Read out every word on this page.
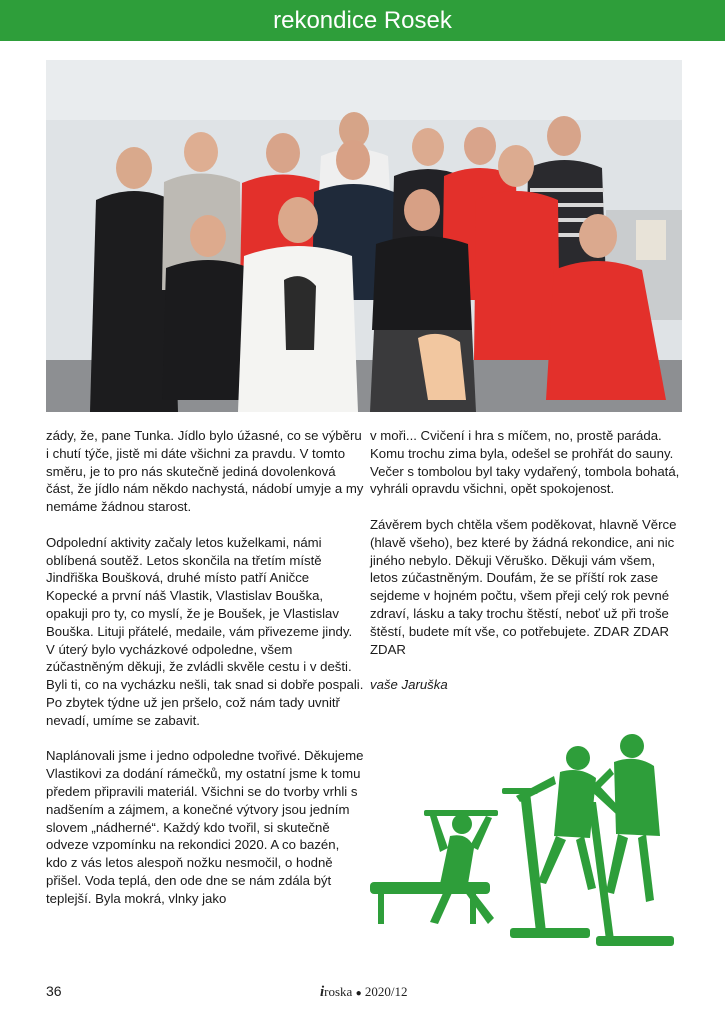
rekondice Rosek

zády, že, pane Tunka. Jídlo bylo úžasné, co se výběru i chutí týče, jistě mi dáte všichni za pravdu. V tomto směru, je to pro nás skutečně jediná dovolenková část, že jídlo nám někdo nachystá, nádobí umyje a my nemáme žádnou starost.

Odpolední aktivity začaly letos kuželkami, námi oblíbená soutěž. Letos skončila na třetím místě Jindřiška Boušková, druhé místo patří Aničce Kopecké a první náš Vlastik, Vlastislav Bouška, opakuji pro ty, co myslí, že je Boušek, je Vlastislav Bouška. Lituji přátelé, medaile, vám přivezeme jindy. V úterý bylo vycházkové odpoledne, všem zúčastněným děkuji, že zvládli skvěle cestu i v dešti. Byli ti, co na vycházku nešli, tak snad si dobře pospali. Po zbytek týdne už jen pršelo, což nám tady uvnitř nevadí, umíme se zabavit.

Naplánovali jsme i jedno odpoledne tvořivé. Děkujeme Vlastikovi za dodání rámečků, my ostatní jsme k tomu předem připravili materiál. Všichni se do tvorby vrhli s nadšením a zájmem, a konečné výtvory jsou jedním slovem „nádherné“. Každý kdo tvořil, si skutečně odveze vzpomínku na rekondici 2020. A co bazén, kdo z vás letos alespoň nožku nesmočil, o hodně přišel. Voda teplá, den ode dne se nám zdála být teplejší. Byla mokrá, vlnky jako

v moři... Cvičení i hra s míčem, no, prostě paráda. Komu trochu zima byla, odešel se prohřát do sauny. Večer s tombolou byl taky vydařený, tombola bohatá, vyhráli opravdu všichni, opět spokojenost.

Závěrem bych chtěla všem poděkovat, hlavně Věrce (hlavě všeho), bez které by žádná rekondice, ani nic jiného nebylo. Děkuji Věruško. Děkuji vám všem, letos zúčastněným. Doufám, že se příští rok zase sejdeme v hojném počtu, všem přeji celý rok pevné zdraví, lásku a taky trochu štěstí, neboť už při troše štěstí, budete mít vše, co potřebujete. ZDAR ZDAR ZDAR

vaše Jaruška

36	iroska ● 2020/12
